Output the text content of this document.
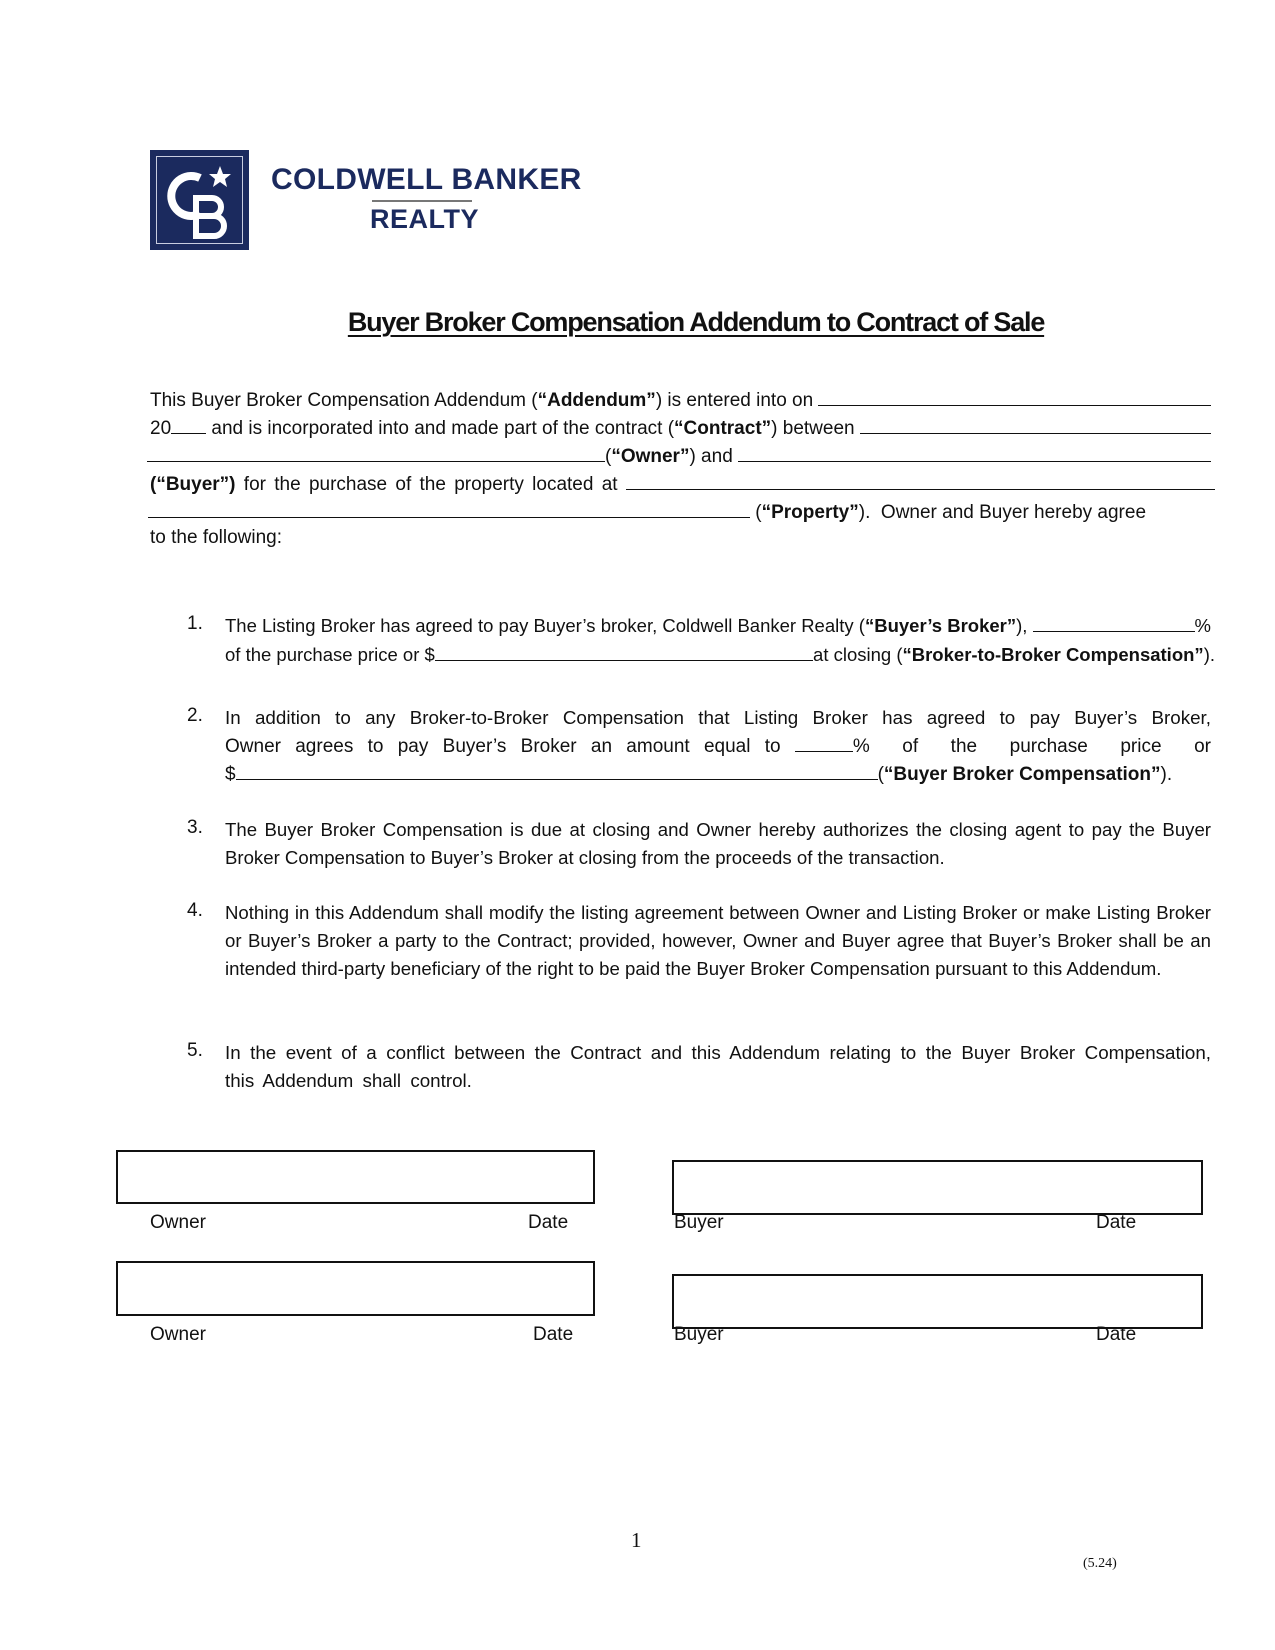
COLDWELL BANKER
REALTY
Buyer Broker Compensation Addendum to Contract of Sale
This Buyer Broker Compensation Addendum ( “Addendum” ) is entered into on
20 and is incorporated into and made part of the contract ( “Contract” ) between
( “Owner” ) and
(“Buyer”) for the purchase of the property located at
( “Property” ).  Owner and Buyer hereby agree
to the following:
1. The Listing Broker has agreed to pay Buyer’s broker, Coldwell Banker Realty ( “Buyer’s Broker” ),	%
of the purchase price or $	at closing ( “Broker-to-Broker Compensation” ).
2. In addition to any Broker-to-Broker Compensation that Listing Broker has agreed to pay Buyer’s Broker,
Owner agrees to pay Buyer’s Broker an amount equal to	% of the purchase price or
$	( “Buyer Broker Compensation” ).
3. The Buyer Broker Compensation is due at closing and Owner hereby authorizes the closing agent to pay the Buyer Broker Compensation to Buyer’s Broker at closing from the proceeds of the transaction.
4. Nothing in this Addendum shall modify the listing agreement between Owner and Listing Broker or make Listing Broker or Buyer’s Broker a party to the Contract; provided, however, Owner and Buyer agree that Buyer’s Broker shall be an intended third-party beneficiary of the right to be paid the Buyer Broker Compensation pursuant to this Addendum.
5. In the event of a conflict between the Contract and this Addendum relating to the Buyer Broker Compensation, this Addendum shall control.
Owner	Date	Buyer	Date
Owner	Date	Buyer	Date
1
(5.24)
